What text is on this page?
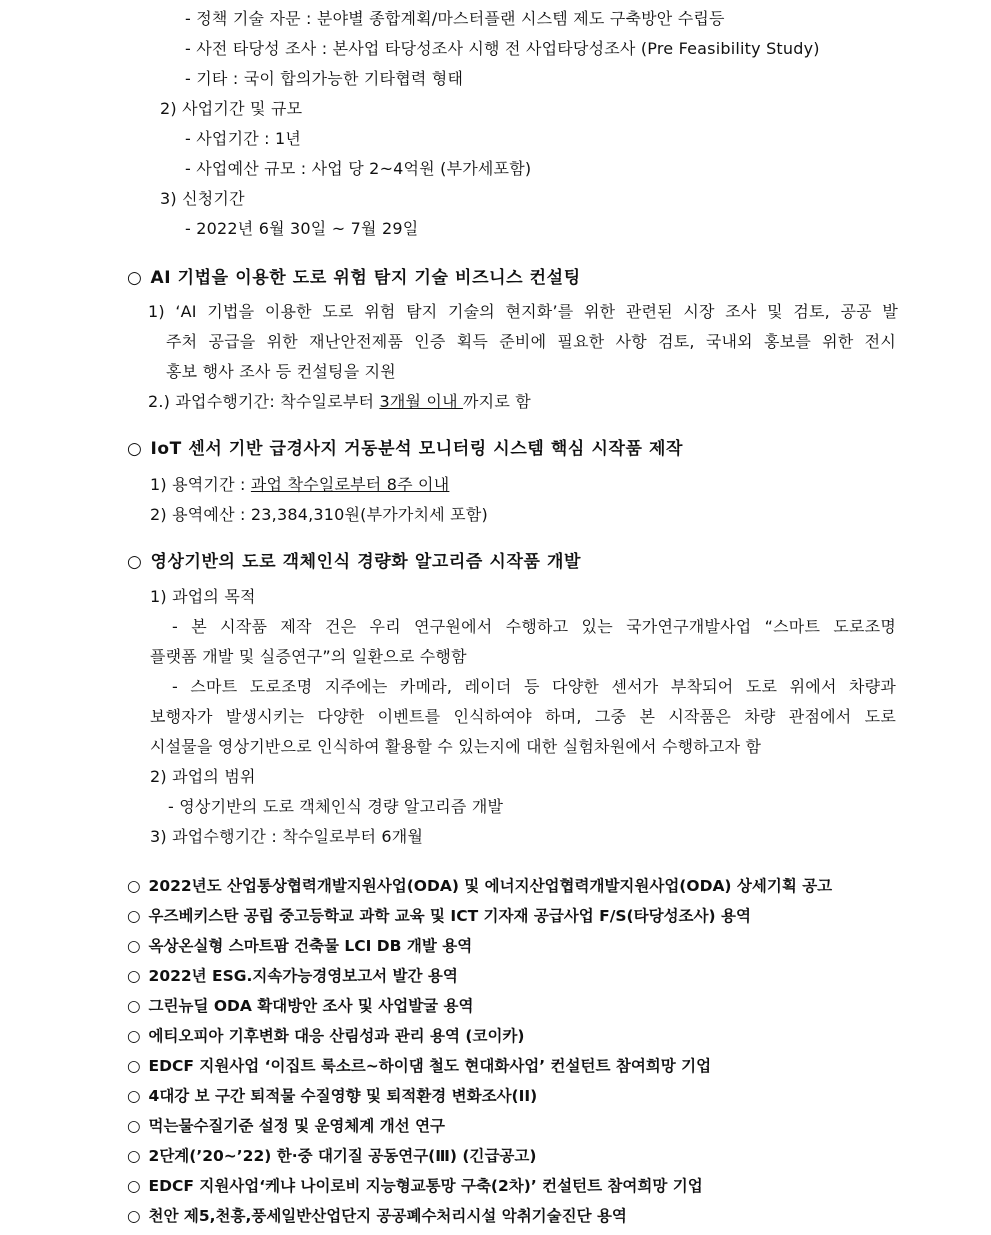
- 정책 기술 자문 : 분야별 종합계획/마스터플랜 시스템 제도 구축방안 수립등
- 사전 타당성 조사 : 본사업 타당성조사 시행 전 사업타당성조사 (Pre Feasibility Study)
- 기타 : 국이 합의가능한 기타협력 형태
2) 사업기간 및 규모
- 사업기간 : 1년
- 사업예산 규모 : 사업 당 2~4억원 (부가세포함)
3) 신청기간
- 2022년 6월 30일 ~ 7월 29일
○ AI 기법을 이용한 도로 위험 탐지 기술 비즈니스 컨설팅
1) ‘AI 기법을 이용한 도로 위험 탐지 기술의 현지화’를 위한 관련된 시장 조사 및 검토, 공공 발
주처 공급을 위한 재난안전제품 인증 획득 준비에 필요한 사항 검토, 국내외 홍보를 위한 전시
홍보 행사 조사 등 컨설팅을 지원
2.) 과업수행기간: 착수일로부터 3개월 이내 까지로 함
○ IoT 센서 기반 급경사지 거동분석 모니터링 시스템 핵심 시작품 제작
1) 용역기간 : 과업 착수일로부터 8주 이내
2) 용역예산 : 23,384,310원(부가가치세 포함)
○ 영상기반의 도로 객체인식 경량화 알고리즘 시작품 개발
1) 과업의 목적
- 본 시작품 제작 건은 우리 연구원에서 수행하고 있는 국가연구개발사업 “스마트 도로조명
플랫폼 개발 및 실증연구”의 일환으로 수행함
- 스마트 도로조명 지주에는 카메라, 레이더 등 다양한 센서가 부착되어 도로 위에서 차량과
보행자가 발생시키는 다양한 이벤트를 인식하여야 하며, 그중 본 시작품은 차량 관점에서 도로
시설물을 영상기반으로 인식하여 활용할 수 있는지에 대한 실험차원에서 수행하고자 함
2) 과업의 범위
- 영상기반의 도로 객체인식 경량 알고리즘 개발
3) 과업수행기간 : 착수일로부터 6개월
○ 2022년도 산업통상협력개발지원사업(ODA) 및 에너지산업협력개발지원사업(ODA) 상세기획 공고
○ 우즈베키스탄 공립 중고등학교 과학 교육 및 ICT 기자재 공급사업 F/S(타당성조사) 용역
○ 옥상온실형 스마트팜 건축물 LCI DB 개발 용역
○ 2022년 ESG.지속가능경영보고서 발간 용역
○ 그린뉴딜 ODA 확대방안 조사 및 사업발굴 용역
○ 에티오피아 기후변화 대응 산림성과 관리 용역 (코이카)
○ EDCF 지원사업 ‘이집트 룩소르~하이댐 철도 현대화사업’ 컨설턴트 참여희망 기업
○ 4대강 보 구간 퇴적물 수질영향 및 퇴적환경 변화조사(II)
○ 먹는물수질기준 설정 및 운영체계 개선 연구
○ 2단계(’20~’22) 한·중 대기질 공동연구(Ⅲ) (긴급공고)
○ EDCF 지원사업‘케냐 나이로비 지능형교통망 구축(2차)’ 컨설턴트 참여희망 기업
○ 천안 제5,천흥,풍세일반산업단지 공공폐수처리시설 악취기술진단 용역
